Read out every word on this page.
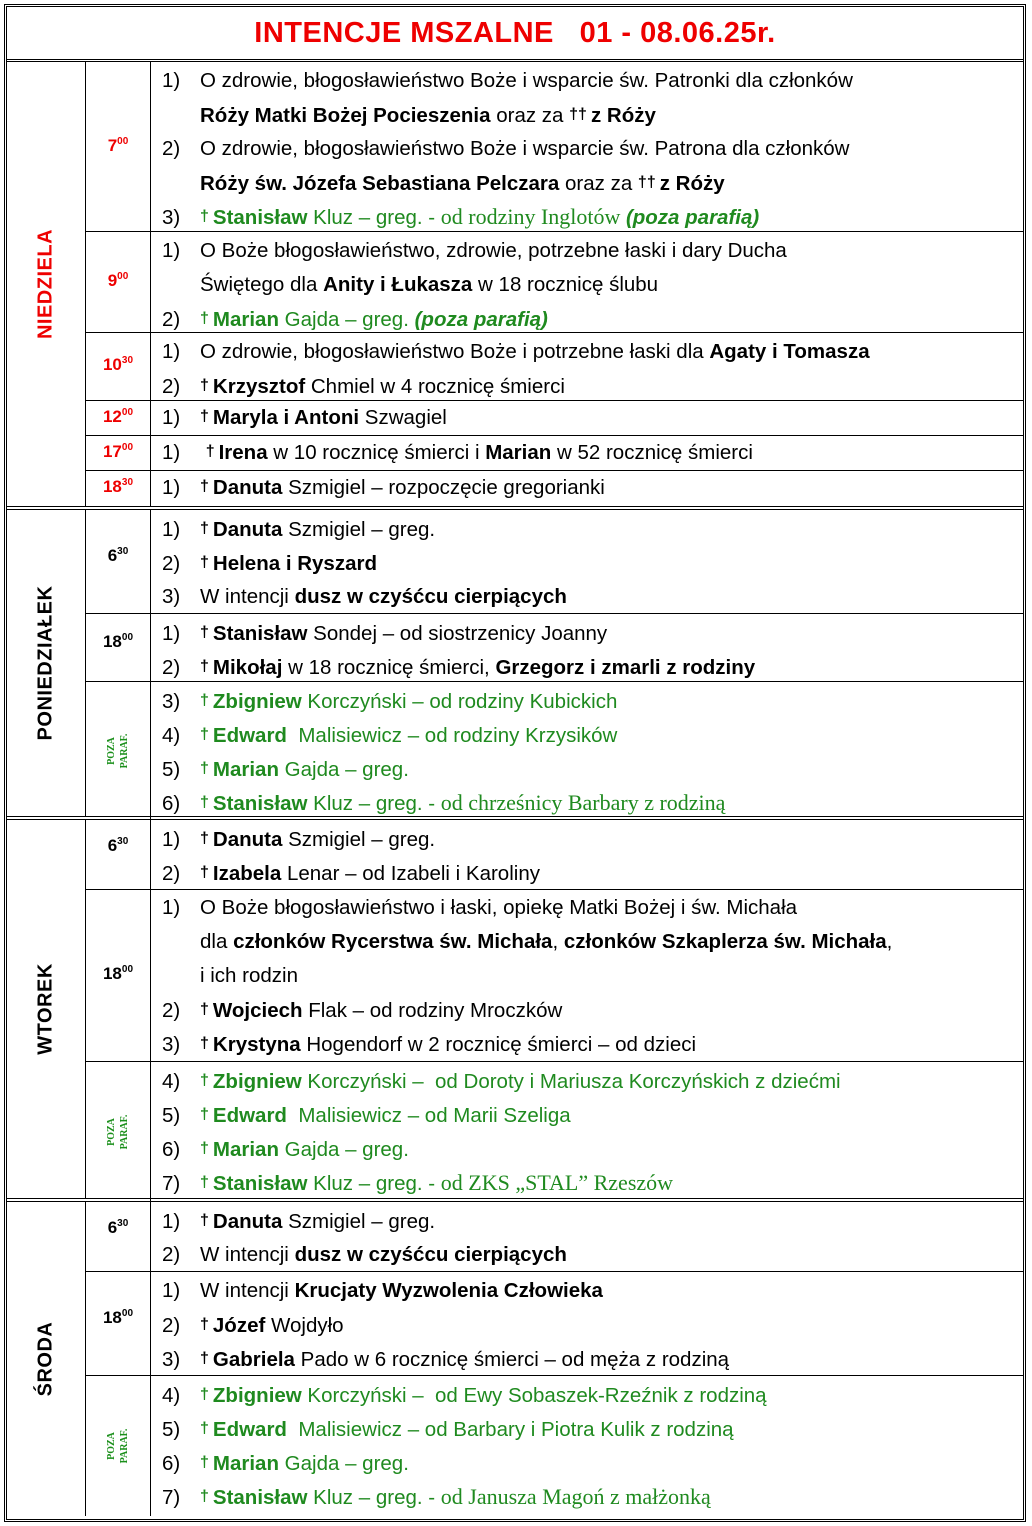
INTENCJE MSZALNE   01 - 08.06.25r.
NIEDZIELA
$7^{00}$
1) O zdrowie, błogosławieństwo Boże i wsparcie św. Patronki dla członków
Róży Matki Bożej Pocieszenia oraz za †† z Róży
2) O zdrowie, błogosławieństwo Boże i wsparcie św. Patrona dla członków
Róży św. Józefa Sebastiana Pelczara oraz za †† z Róży
3) † Stanisław Kluz – greg. - od rodziny Inglotów (poza parafią)
$9^{00}$
1) O Boże błogosławieństwo, zdrowie, potrzebne łaski i dary Ducha
Świętego dla Anity i Łukasza w 18 rocznicę ślubu
2) † Marian Gajda – greg. (poza parafią)
$10^{30}$	1) O zdrowie, błogosławieństwo Boże i potrzebne łaski dla Agaty i Tomasza
2) † Krzysztof Chmiel w 4 rocznicę śmierci
$12^{00}$	1) † Maryla i Antoni Szwagiel
$17^{00}$	1) † Irena w 10 rocznicę śmierci i Marian w 52 rocznicę śmierci
$18^{30}$	1) † Danuta Szmigiel – rozpoczęcie gregorianki
PONIEDZIAŁEK
$6^{30}$
1) † Danuta Szmigiel – greg.
2) † Helena i Ryszard
3) W intencji dusz w czyśćcu cierpiących
$18^{00}$	1) † Stanisław Sondej – od siostrzenicy Joanny
2) † Mikołaj w 18 rocznicę śmierci, Grzegorz i zmarli z rodziny
POZA PARAF.
3) † Zbigniew Korczyński – od rodziny Kubickich
4) † Edward  Malisiewicz – od rodziny Krzysików
5) † Marian Gajda – greg.
6) † Stanisław Kluz – greg. - od chrześnicy Barbary z rodziną
WTOREK
$6^{30}$	1) † Danuta Szmigiel – greg.
2) † Izabela Lenar – od Izabeli i Karoliny
$18^{00}$
1) O Boże błogosławieństwo i łaski, opiekę Matki Bożej i św. Michała
dla członków Rycerstwa św. Michała, członków Szkaplerza św. Michała,
i ich rodzin
2) † Wojciech Flak – od rodziny Mroczków
3) † Krystyna Hogendorf w 2 rocznicę śmierci – od dzieci
POZA PARAF.
4) † Zbigniew Korczyński –  od Doroty i Mariusza Korczyńskich z dziećmi
5) † Edward  Malisiewicz – od Marii Szeliga
6) † Marian Gajda – greg.
7) † Stanisław Kluz – greg. - od ZKS „STAL” Rzeszów
ŚRODA
$6^{30}$	1) † Danuta Szmigiel – greg.
2) W intencji dusz w czyśćcu cierpiących
$18^{00}$
1) W intencji Krucjaty Wyzwolenia Człowieka
2) † Józef Wojdyło
3) † Gabriela Pado w 6 rocznicę śmierci – od męża z rodziną
POZA PARAF.
4) † Zbigniew Korczyński –  od Ewy Sobaszek-Rzeźnik z rodziną
5) † Edward  Malisiewicz – od Barbary i Piotra Kulik z rodziną
6) † Marian Gajda – greg.
7) † Stanisław Kluz – greg. - od Janusza Magoń z małżonką
